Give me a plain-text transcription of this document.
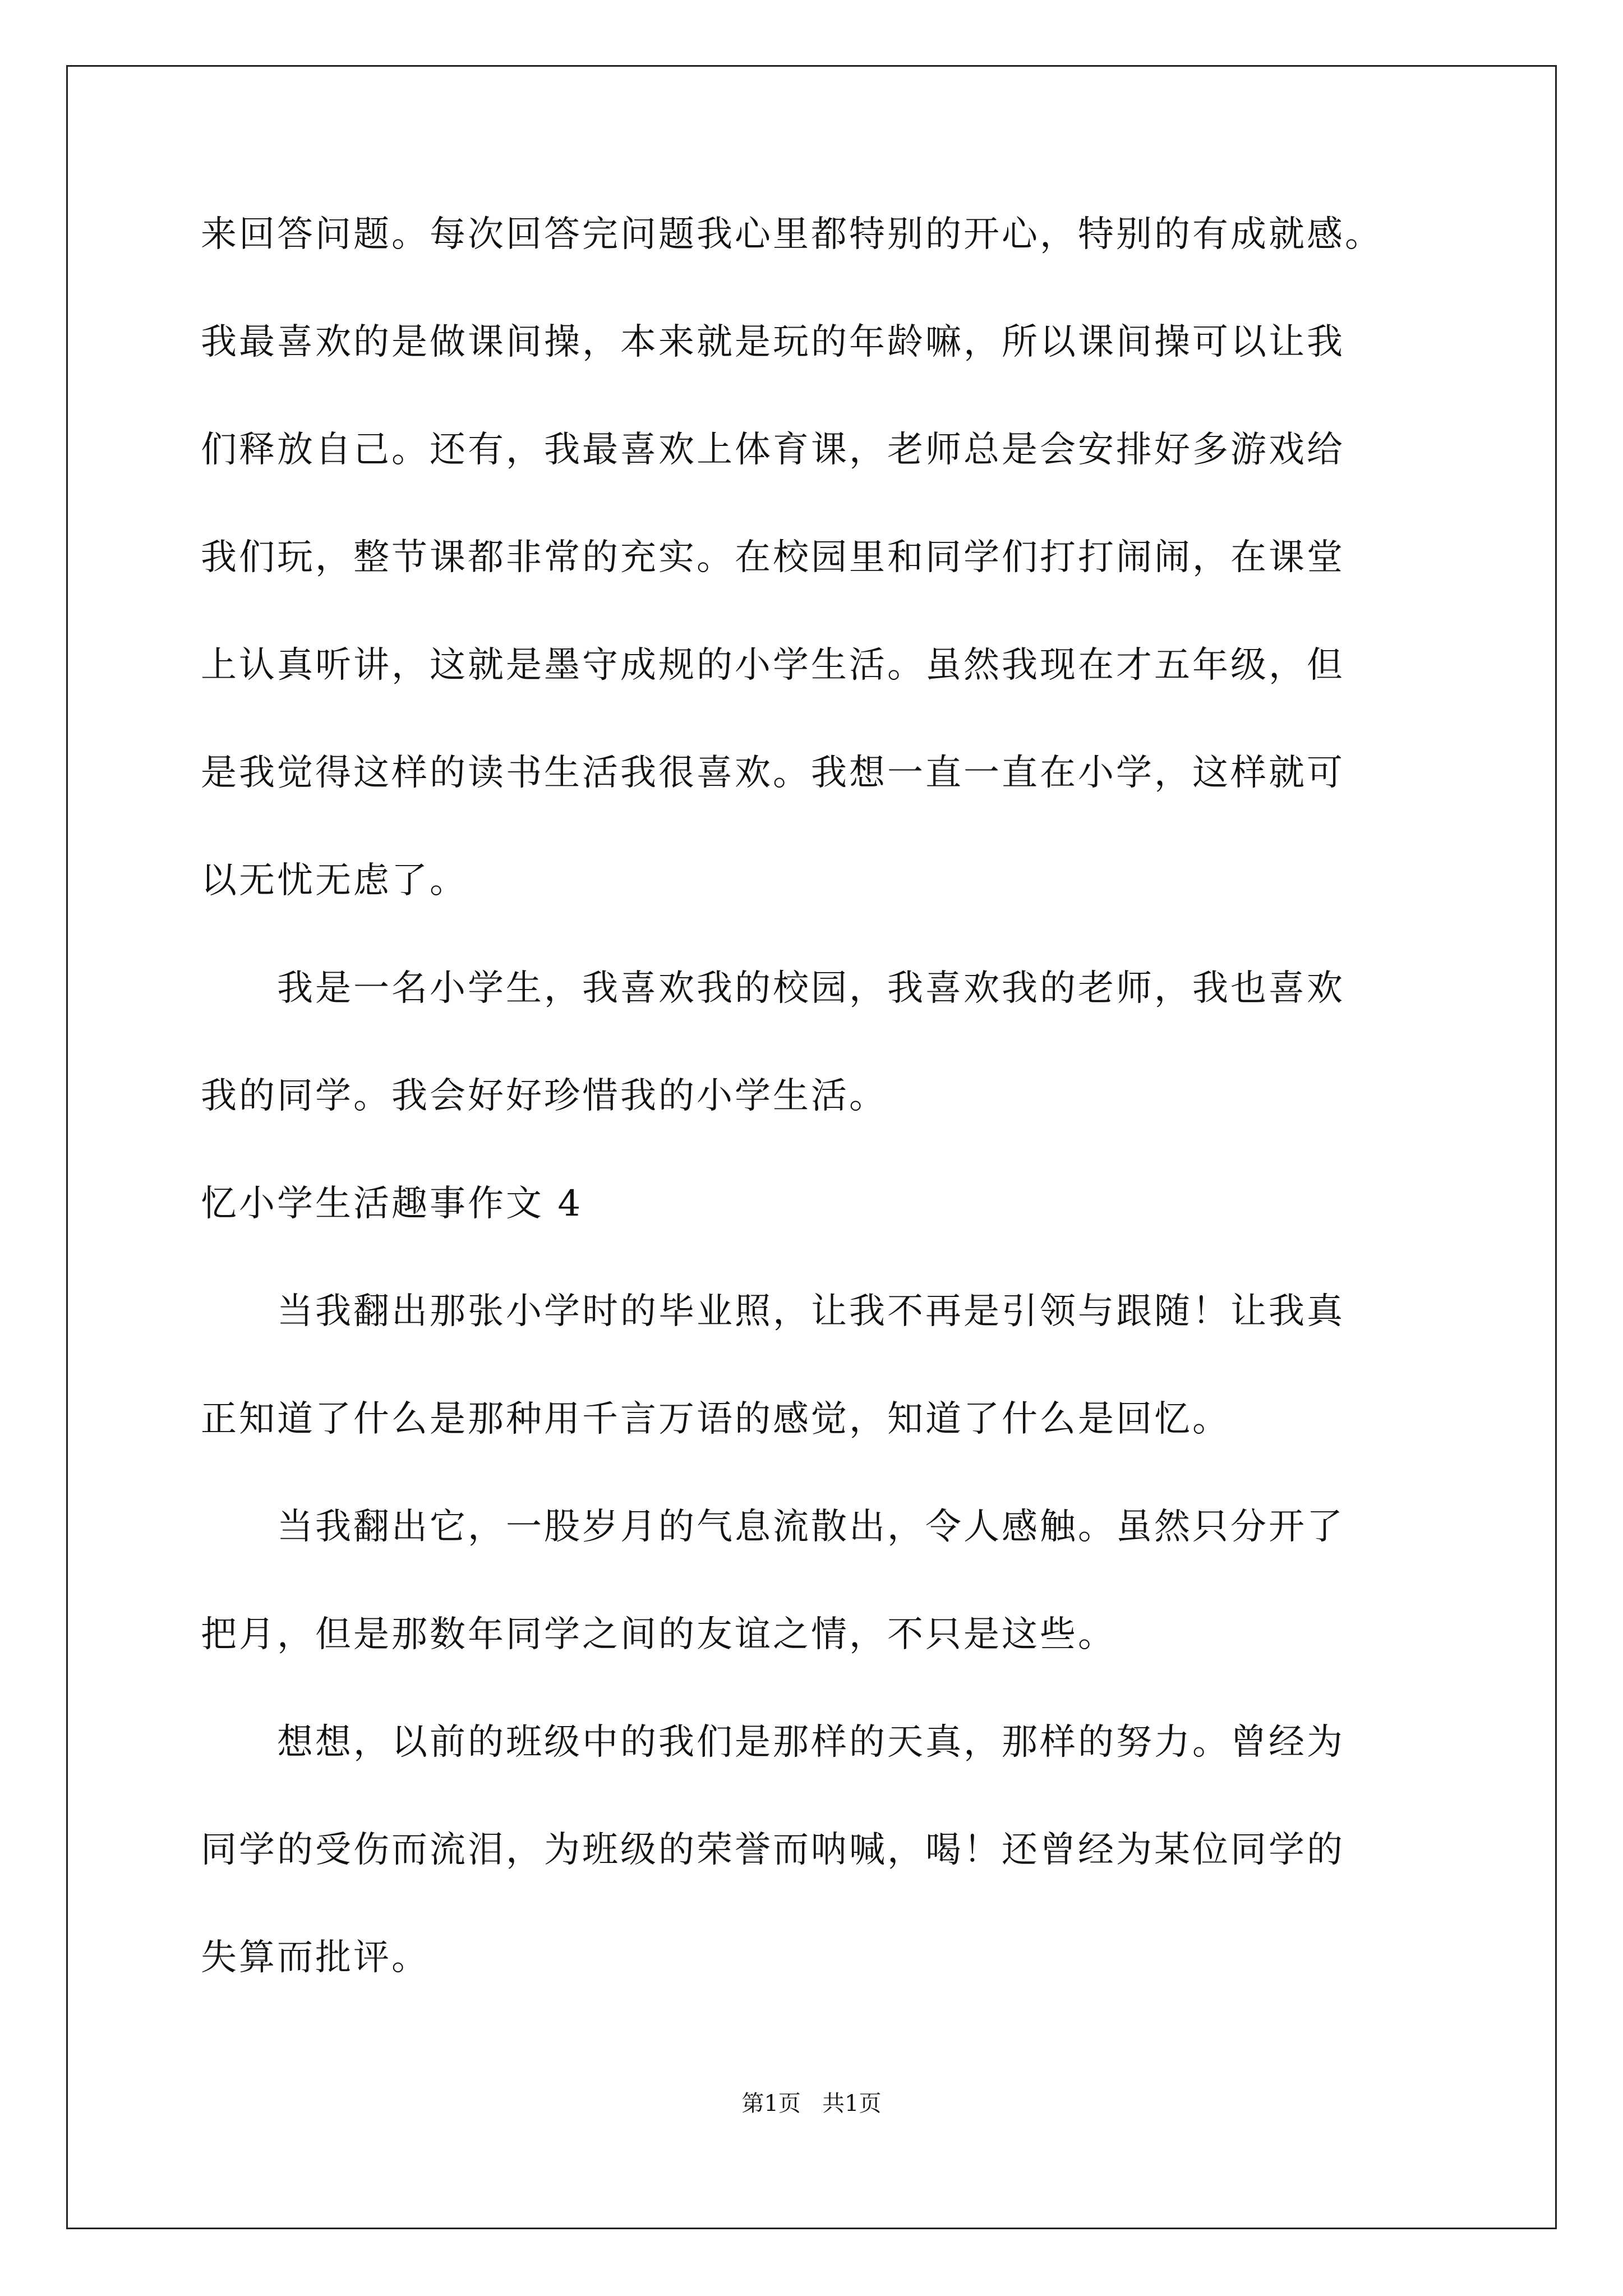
来回答问题。每次回答完问题我心里都特别的开心，特别的有成就感。
我最喜欢的是做课间操，本来就是玩的年龄嘛，所以课间操可以让我
们释放自己。还有，我最喜欢上体育课，老师总是会安排好多游戏给
我们玩，整节课都非常的充实。在校园里和同学们打打闹闹，在课堂
上认真听讲，这就是墨守成规的小学生活。虽然我现在才五年级，但
是我觉得这样的读书生活我很喜欢。我想一直一直在小学，这样就可
以无忧无虑了。
　　我是一名小学生，我喜欢我的校园，我喜欢我的老师，我也喜欢
我的同学。我会好好珍惜我的小学生活。
忆小学生活趣事作文 4
　　当我翻出那张小学时的毕业照，让我不再是引领与跟随！让我真
正知道了什么是那种用千言万语的感觉，知道了什么是回忆。
　　当我翻出它，一股岁月的气息流散出，令人感触。虽然只分开了
把月，但是那数年同学之间的友谊之情，不只是这些。
　　想想，以前的班级中的我们是那样的天真，那样的努力。曾经为
同学的受伤而流泪，为班级的荣誉而呐喊，喝！还曾经为某位同学的
失算而批评。
第1页   共1页
